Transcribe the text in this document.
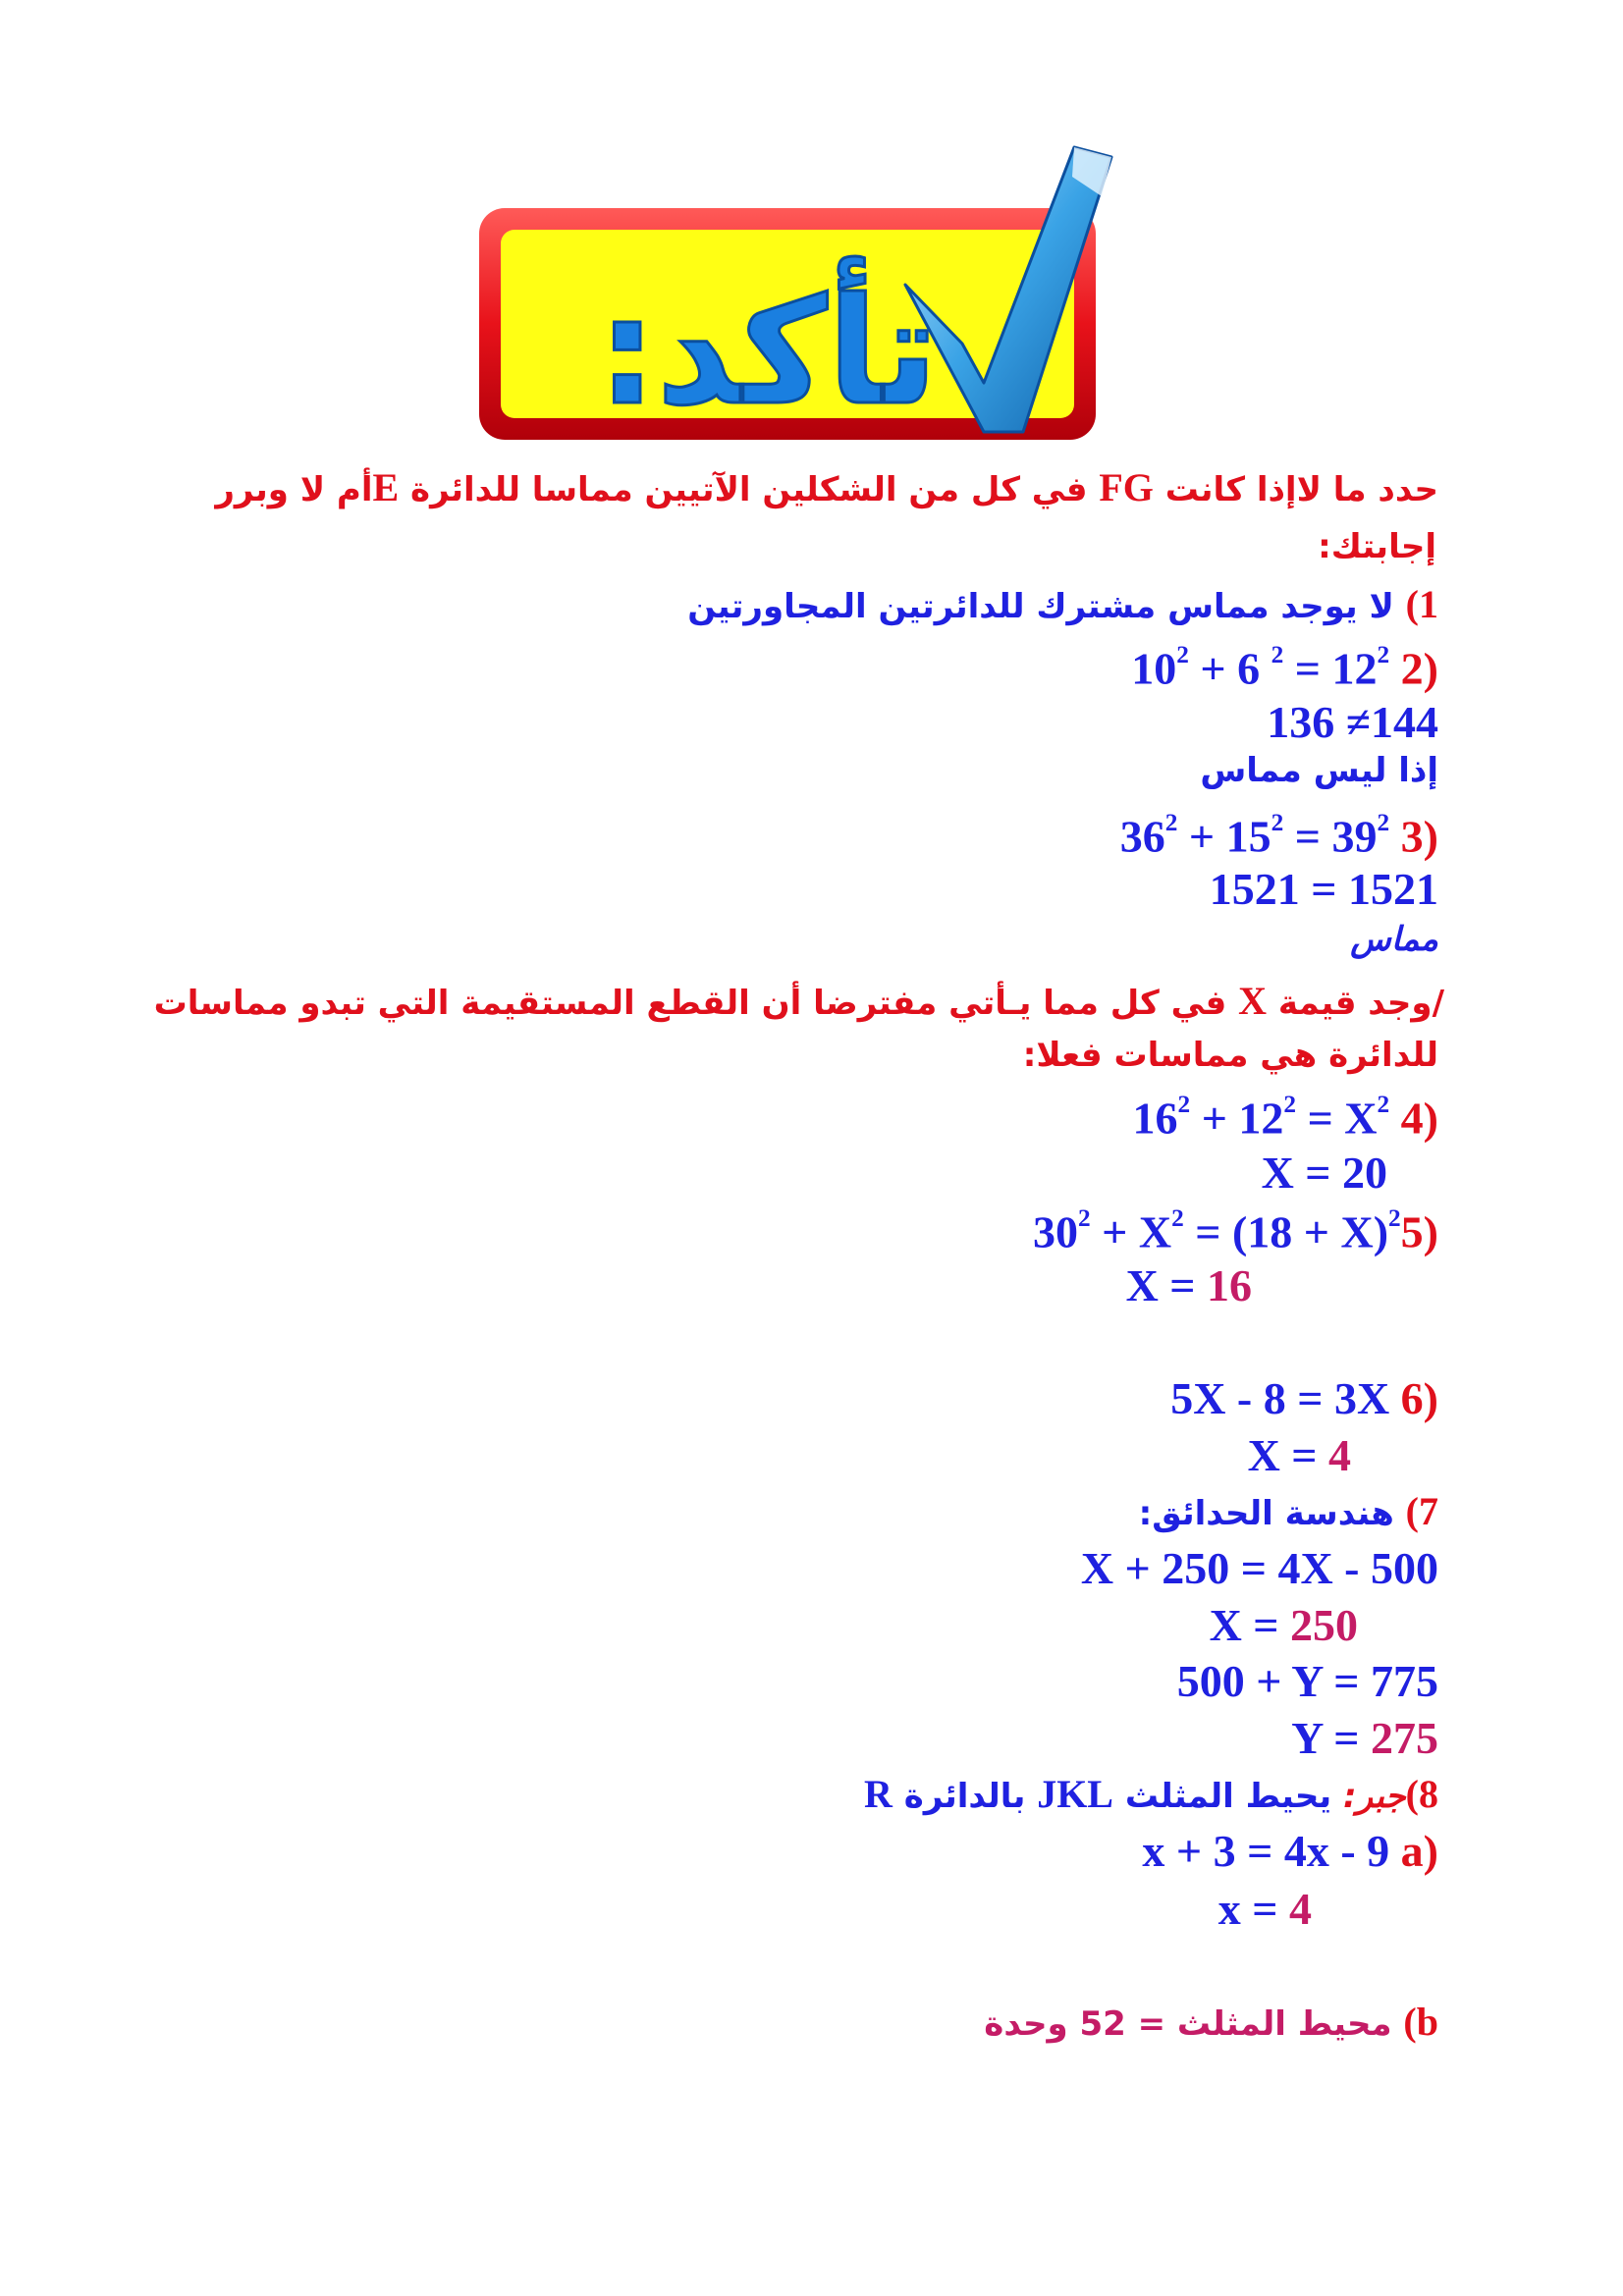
تأكد:
حدد ما لاإذا كانت FG في كل من الشكلين الآتيين مماسا للدائرة Eأم لا وبرر
إجابتك:
1) لا يوجد مماس مشترك للدائرتين المجاورتين
(2 $10^2 + 6$ $^2 = 12^2$
136 ≠144
إذا ليس مماس
(3 $36^2 + 15^2 = 39^2$
1521 = 1521
مماس
/وجد قيمة X في كل مما يـأتي مفترضا أن القطع المستقيمة التي تبدو مماسات
للدائرة هي مماسات فعلا:
(4 $16^2 + 12^2 = X^2$
X = 20
($530^2 + X^2 = (18 + X)^2$
X = 16
(6 5X - 8 = 3X
X = 4
7) هندسة الحدائق:
X + 250 = 4X - 500
X = 250
500 + Y = 775
Y = 275
8)جبر: يحيط المثلث JKL بالدائرة R
(a x + 3 = 4x - 9
x = 4
b) محيط المثلث = 52 وحدة
